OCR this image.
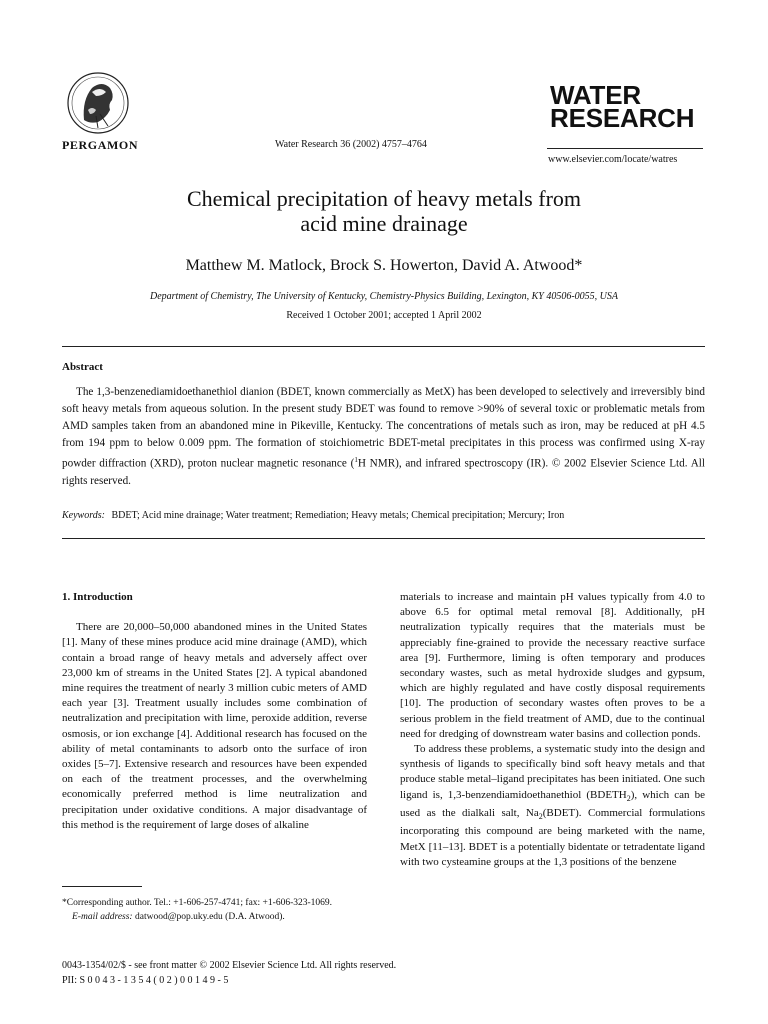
PERGAMON	Water Research 36 (2002) 4757–4764
WATER
RESEARCH
www.elsevier.com/locate/watres
Chemical precipitation of heavy metals from
acid mine drainage
Matthew M. Matlock, Brock S. Howerton, David A. Atwood*
Department of Chemistry, The University of Kentucky, Chemistry-Physics Building, Lexington, KY 40506-0055, USA
Received 1 October 2001; accepted 1 April 2002
Abstract
The 1,3-benzenediamidoethanethiol dianion (BDET, known commercially as MetX) has been developed to selectively and irreversibly bind soft heavy metals from aqueous solution. In the present study BDET was found to remove >90% of several toxic or problematic metals from AMD samples taken from an abandoned mine in Pikeville, Kentucky. The concentrations of metals such as iron, may be reduced at pH 4.5 from 194 ppm to below 0.009 ppm. The formation of stoichiometric BDET-metal precipitates in this process was confirmed using X-ray powder diffraction (XRD), proton nuclear magnetic resonance ($^1$H NMR), and infrared spectroscopy (IR). © 2002 Elsevier Science Ltd. All rights reserved.
Keywords: BDET; Acid mine drainage; Water treatment; Remediation; Heavy metals; Chemical precipitation; Mercury; Iron
1. Introduction

There are 20,000–50,000 abandoned mines in the United States [1]. Many of these mines produce acid mine drainage (AMD), which contain a broad range of heavy metals and adversely affect over 23,000 km of streams in the United States [2]. A typical abandoned mine requires the treatment of nearly 3 million cubic meters of AMD each year [3]. Treatment usually includes some combination of neutralization and precipitation with lime, peroxide addition, reverse osmosis, or ion exchange [4]. Additional research has focused on the ability of metal contaminants to adsorb onto the surface of iron oxides [5–7]. Extensive research and resources have been expended on each of the treatment processes, and the overwhelming economically preferred method is lime neutralization and precipitation under oxidative conditions. A major disadvantage of this method is the requirement of large doses of alkaline

materials to increase and maintain pH values typically from 4.0 to above 6.5 for optimal metal removal [8]. Additionally, pH neutralization typically requires that the materials must be appreciably fine-grained to provide the necessary reactive surface area [9]. Furthermore, liming is often temporary and produces secondary wastes, such as metal hydroxide sludges and gypsum, which are highly regulated and have costly disposal requirements [10]. The production of secondary wastes often proves to be a serious problem in the field treatment of AMD, due to the continual need for dredging of downstream water basins and collection ponds.

To address these problems, a systematic study into the design and synthesis of ligands to specifically bind soft heavy metals and that produce stable metal–ligand precipitates has been initiated. One such ligand is, 1,3-benzendiamidoethanethiol $(BDETH_2)$, which can be used as the dialkali salt, $Na_2(BDET)$. Commercial formulations incorporating this compound are being marketed with the name, MetX [11–13]. BDET is a potentially bidentate or tetradentate ligand with two cysteamine groups at the 1,3 positions of the benzene

*Corresponding author. Tel.: +1-606-257-4741; fax: +1-606-323-1069.
E-mail address: datwood@pop.uky.edu (D.A. Atwood).
0043-1354/02/$ - see front matter © 2002 Elsevier Science Ltd. All rights reserved.
PII: S 0 0 4 3 - 1 3 5 4 ( 0 2 ) 0 0 1 4 9 - 5
